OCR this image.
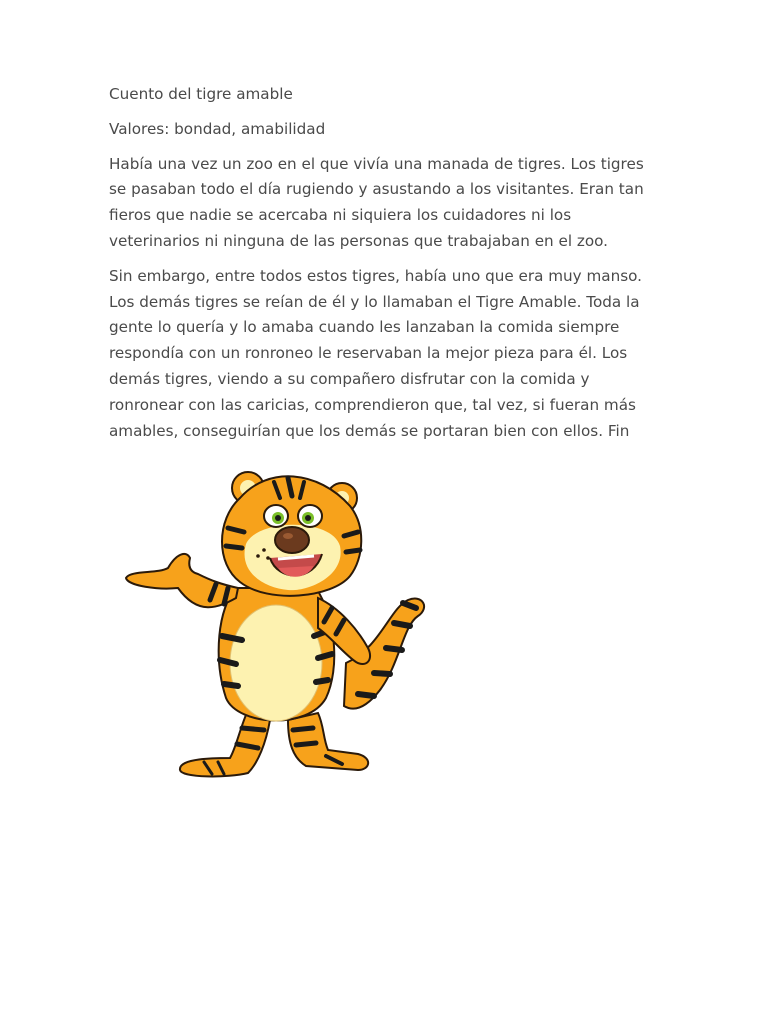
Cuento del tigre amable

Valores: bondad, amabilidad

Había una vez un zoo en el que vivía una manada de tigres. Los tigres se pasaban todo el día rugiendo y asustando a los visitantes. Eran tan fieros que nadie se acercaba ni siquiera los cuidadores ni los veterinarios ni ninguna de las personas que trabajaban en el zoo.

Sin embargo, entre todos estos tigres, había uno que era muy manso. Los demás tigres se reían de él y lo llamaban el Tigre Amable. Toda la gente lo quería y lo amaba cuando les lanzaban la comida siempre respondía con un ronroneo le reservaban la mejor pieza para él. Los demás tigres, viendo a su compañero disfrutar con la comida y ronronear con las caricias, comprendieron que, tal vez, si fueran más amables, conseguirían que los demás se portaran bien con ellos. Fin
